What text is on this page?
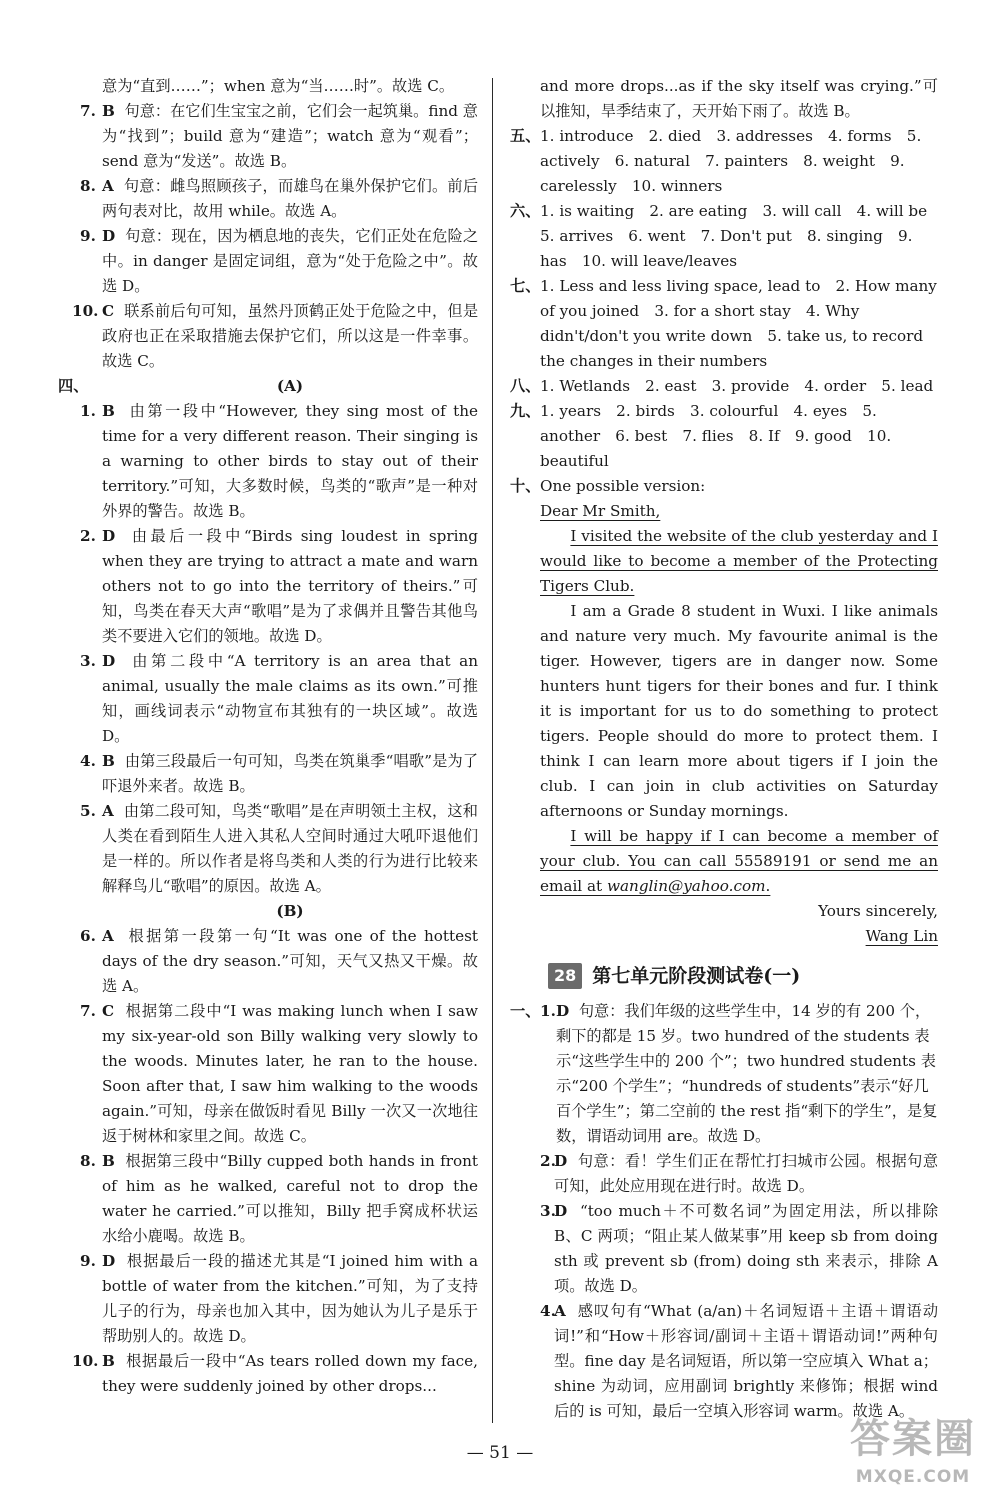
意为“直到……”；when 意为“当……时”。故选 C。

7. B 句意：在它们生宝宝之前，它们会一起筑巢。find 意为“找到”；build 意为“建造”；watch 意为“观看”；send 意为“发送”。故选 B。
8. A 句意：雌鸟照顾孩子，而雄鸟在巢外保护它们。前后两句表对比，故用 while。故选 A。
9. D 句意：现在，因为栖息地的丧失，它们正处在危险之中。in danger 是固定词组，意为“处于危险之中”。故选 D。
10. C 联系前后句可知，虽然丹顶鹤正处于危险之中，但是政府也正在采取措施去保护它们，所以这是一件幸事。故选 C。
四、	(A)

1. B 由第一段中“However, they sing most of the time for a very different reason. Their singing is a warning to other birds to stay out of their territory.”可知，大多数时候，鸟类的“歌声”是一种对外界的警告。故选 B。
2. D 由最后一段中“Birds sing loudest in spring when they are trying to attract a mate and warn others not to go into the territory of theirs.”可知，鸟类在春天大声“歌唱”是为了求偶并且警告其他鸟类不要进入它们的领地。故选 D。
3. D 由第二段中“A territory is an area that an animal, usually the male claims as its own.”可推知，画线词表示“动物宣布其独有的一块区域”。故选 D。
4. B 由第三段最后一句可知，鸟类在筑巢季“唱歌”是为了吓退外来者。故选 B。
5. A 由第二段可知，鸟类“歌唱”是在声明领土主权，这和人类在看到陌生人进入其私人空间时通过大吼吓退他们是一样的。所以作者是将鸟类和人类的行为进行比较来解释鸟儿“歌唱”的原因。故选 A。

(B)

6. A 根据第一段第一句“It was one of the hottest days of the dry season.”可知，天气又热又干燥。故选 A。
7. C 根据第二段中“I was making lunch when I saw my six-year-old son Billy walking very slowly to the woods. Minutes later, he ran to the house. Soon after that, I saw him walking to the woods again.”可知，母亲在做饭时看见 Billy 一次又一次地往返于树林和家里之间。故选 C。
8. B 根据第三段中“Billy cupped both hands in front of him as he walked, careful not to drop the water he carried.”可以推知，Billy 把手窝成杯状运水给小鹿喝。故选 B。
9. D 根据最后一段的描述尤其是“I joined him with a bottle of water from the kitchen.”可知，为了支持儿子的行为，母亲也加入其中，因为她认为儿子是乐于帮助别人的。故选 D。
10. B 根据最后一段中“As tears rolled down my face, they were suddenly joined by other drops...

and more drops...as if the sky itself was crying.”可以推知，旱季结束了，天开始下雨了。故选 B。

五、 1. introduce　2. died　3. addresses　4. forms　5. actively　6. natural　7. painters　8. weight　9. carelessly　10. winners
六、 1. is waiting　2. are eating　3. will call　4. will be　5. arrives　6. went　7. Don't put　8. singing　9. has　10. will leave/leaves
七、 1. Less and less living space, lead to　2. How many of you joined　3. for a short stay　4. Why didn't/don't you write down　5. take us, to record the changes in their numbers
八、 1. Wetlands　2. east　3. provide　4. order　5. lead
九、 1. years　2. birds　3. colourful　4. eyes　5. another　6. best　7. flies　8. If　9. good　10. beautiful
十、 One possible version:

Dear Mr Smith,

I visited the website of the club yesterday and I would like to become a member of the Protecting Tigers Club.

I am a Grade 8 student in Wuxi. I like animals and nature very much. My favourite animal is the tiger. However, tigers are in danger now. Some hunters hunt tigers for their bones and fur. I think it is important for us to do something to protect tigers. People should do more to protect them. I think I can learn more about tigers if I join the club. I can join in club activities on Saturday afternoons or Sunday mornings.

I will be happy if I can become a member of your club. You can call 55589191 or send me an email at wanglin@yahoo.com.

Yours sincerely,

Wang Lin

28 第七单元阶段测试卷(一)
一、 1. D 句意：我们年级的这些学生中，14 岁的有 200 个，剩下的都是 15 岁。two hundred of the students 表示“这些学生中的 200 个”；two hundred students 表示“200 个学生”；“hundreds of students”表示“好几百个学生”；第二空前的 the rest 指“剩下的学生”，是复数，谓语动词用 are。故选 D。
2.
D 句意：看！学生们正在帮忙打扫城市公园。根据句意可知，此处应用现在进行时。故选 D。
3.
D “too much＋不可数名词”为固定用法，所以排除 B、C 两项；“阻止某人做某事”用 keep sb from doing sth 或 prevent sb (from) doing sth 来表示，排除 A 项。故选 D。
4.
A 感叹句有“What (a/an)＋名词短语＋主语＋谓语动词!”和“How＋形容词/副词＋主语＋谓语动词!”两种句型。fine day 是名词短语，所以第一空应填入 What a；shine 为动词，应用副词 brightly 来修饰；根据 wind 后的 is 可知，最后一空填入形容词 warm。故选 A。
— 51 —	答案圈
MXQE.COM
